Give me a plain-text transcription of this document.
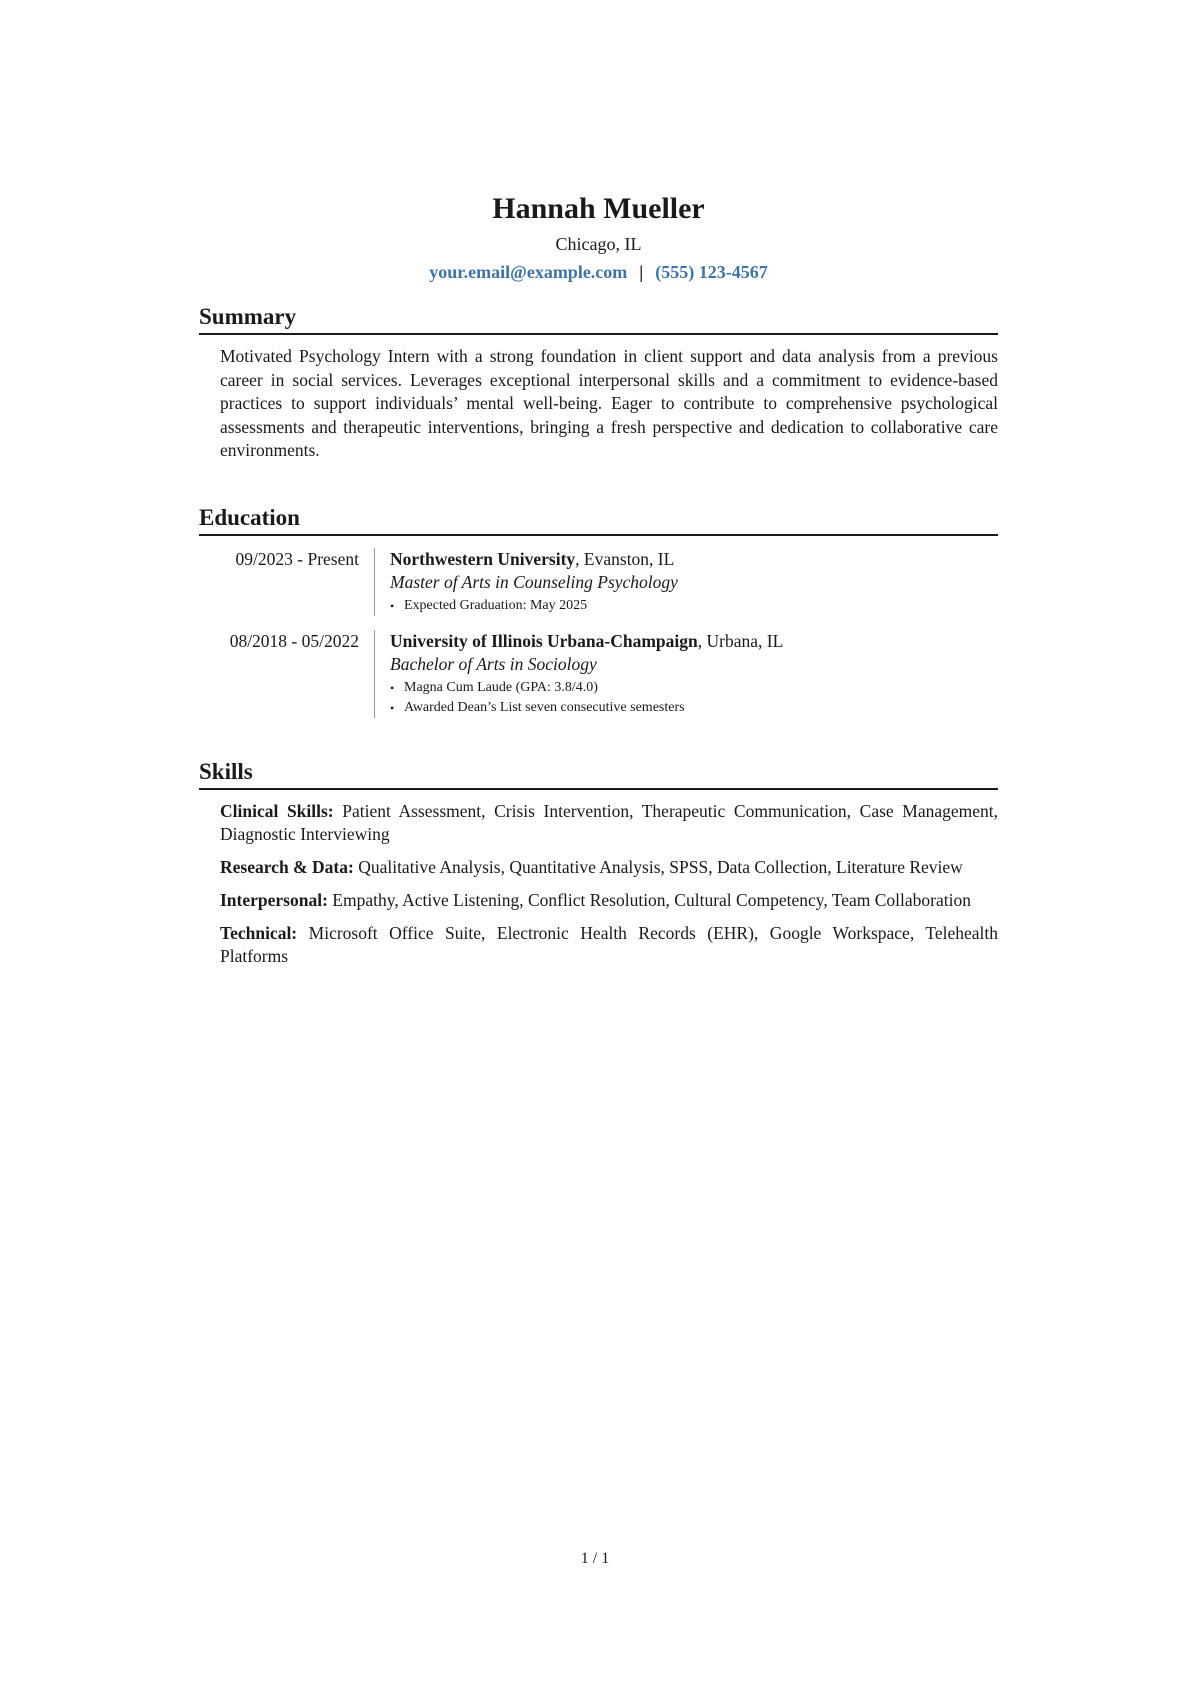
Hannah Mueller
Chicago, IL
your.email@example.com | (555) 123-4567
Summary

Motivated Psychology Intern with a strong foundation in client support and data analysis from a previous career in social services. Leverages exceptional interpersonal skills and a commitment to evidence-based practices to support individuals’ mental well-being. Eager to contribute to comprehensive psychological assessments and therapeutic interventions, bringing a fresh perspective and dedication to collaborative care environments.

Education
09/2023 - Present	Northwestern University, Evanston, IL
Master of Arts in Counseling Psychology
• Expected Graduation: May 2025
08/2018 - 05/2022	University of Illinois Urbana-Champaign, Urbana, IL
Bachelor of Arts in Sociology
• Magna Cum Laude (GPA: 3.8/4.0)
• Awarded Dean’s List seven consecutive semesters
Skills

Clinical Skills: Patient Assessment, Crisis Intervention, Therapeutic Communication, Case Management, Diagnostic Interviewing

Research & Data: Qualitative Analysis, Quantitative Analysis, SPSS, Data Collection, Literature Review

Interpersonal: Empathy, Active Listening, Conflict Resolution, Cultural Competency, Team Collaboration

Technical: Microsoft Office Suite, Electronic Health Records (EHR), Google Workspace, Telehealth Platforms

1 / 1
